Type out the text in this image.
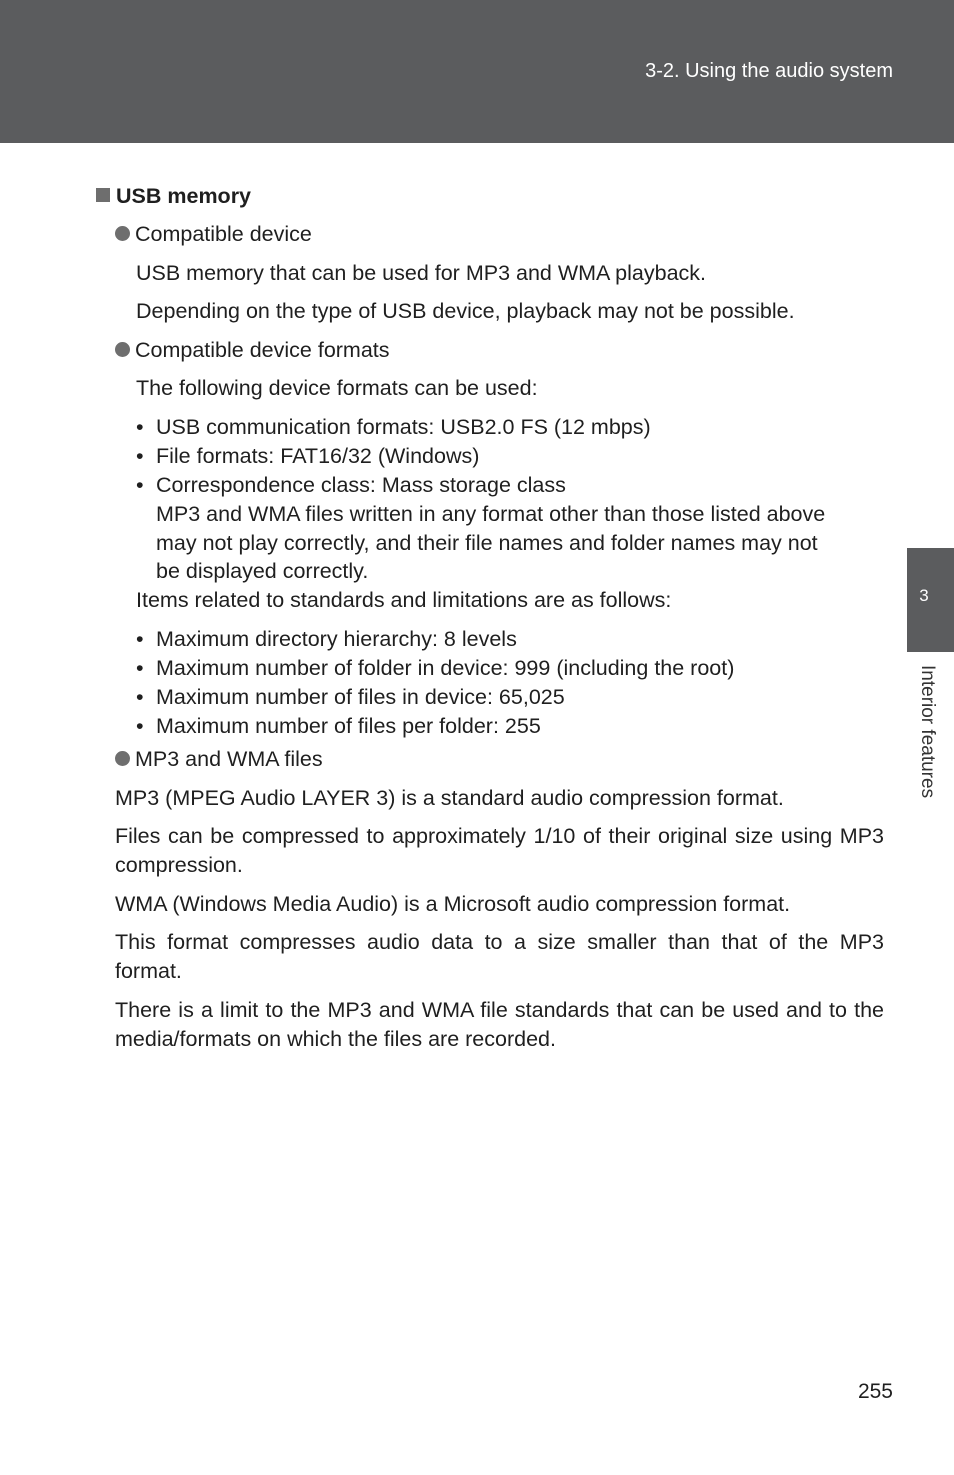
3-2. Using the audio system
3
Interior features
USB memory
Compatible device
USB memory that can be used for MP3 and WMA playback.
Depending on the type of USB device, playback may not be possible.
Compatible device formats
The following device formats can be used:
• USB communication formats: USB2.0 FS (12 mbps)
• File formats: FAT16/32 (Windows)
• Correspondence class: Mass storage class
MP3 and WMA files written in any format other than those listed above
may not play correctly, and their file names and folder names may not
be displayed correctly.
Items related to standards and limitations are as follows:
• Maximum directory hierarchy: 8 levels
• Maximum number of folder in device: 999 (including the root)
• Maximum number of files in device: 65,025
• Maximum number of files per folder: 255
MP3 and WMA files
MP3 (MPEG Audio LAYER 3) is a standard audio compression format.
Files can be compressed to approximately 1/10 of their original size using MP3 compression.
WMA (Windows Media Audio) is a Microsoft audio compression format.
This format compresses audio data to a size smaller than that of the MP3 format.
There is a limit to the MP3 and WMA file standards that can be used and to the media/formats on which the files are recorded.
255
